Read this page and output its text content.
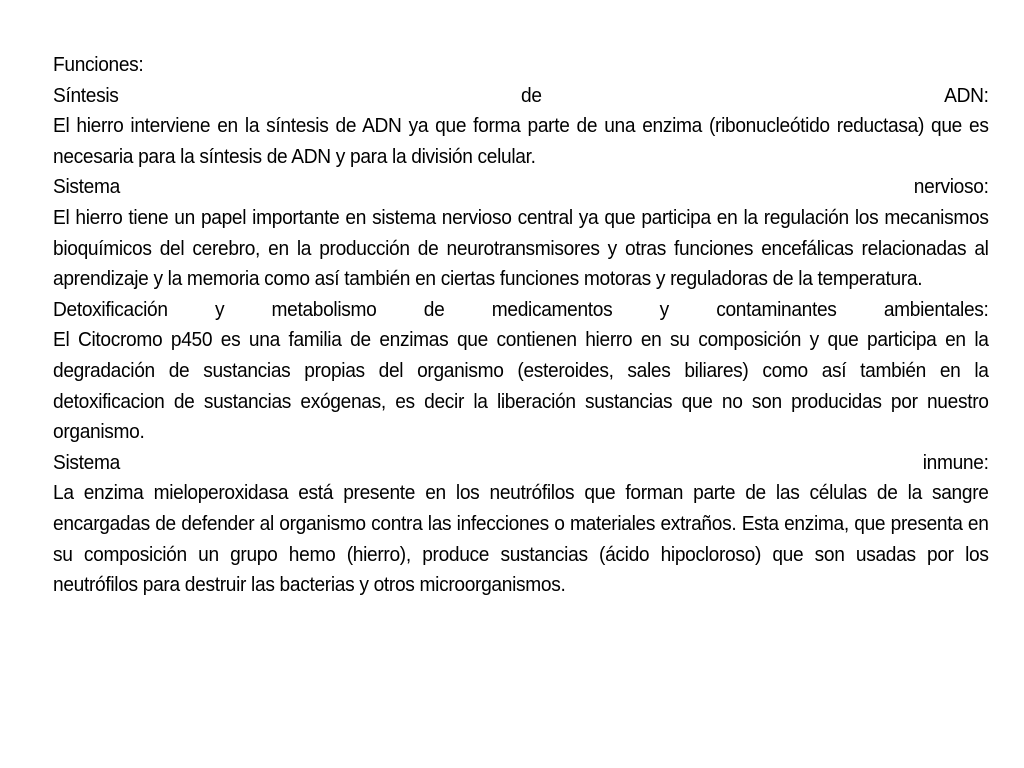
Funciones:

Síntesis	de	ADN:

El hierro interviene en la síntesis de ADN ya que forma parte de una enzima (ribonucleótido reductasa) que es necesaria para la síntesis de ADN y para la división celular.

Sistema	nervioso:

El hierro tiene un papel importante en sistema nervioso central ya que participa en la regulación los mecanismos bioquímicos del cerebro, en la producción de neurotransmisores y otras funciones encefálicas relacionadas al aprendizaje y la memoria como así también en ciertas funciones motoras y reguladoras de la temperatura.

Detoxificación y metabolismo de medicamentos y contaminantes ambientales:

El Citocromo p450 es una familia de enzimas que contienen hierro en su composición y que participa en la degradación de sustancias propias del organismo (esteroides, sales biliares) como así también en la detoxificacion de sustancias exógenas, es decir la liberación sustancias que no son producidas por nuestro organismo.

Sistema	inmune:

La enzima mieloperoxidasa está presente en los neutrófilos que forman parte de las células de la sangre encargadas de defender al organismo contra las infecciones o materiales extraños. Esta enzima, que presenta en su composición un grupo hemo (hierro), produce sustancias (ácido hipocloroso) que son usadas por los neutrófilos para destruir las bacterias y otros microorganismos.
